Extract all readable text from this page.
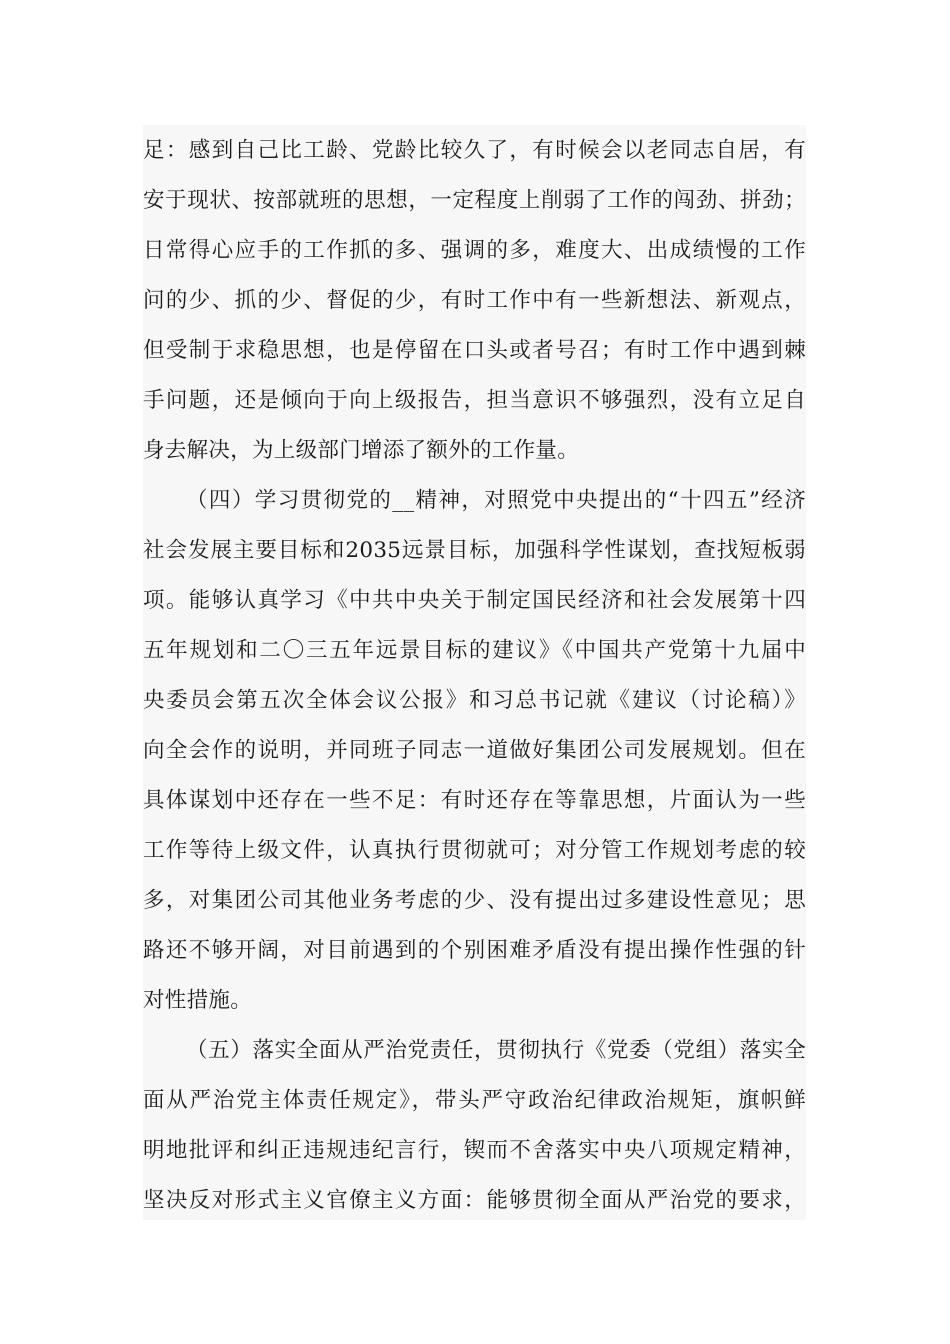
足：感到自己比工龄、党龄比较久了，有时候会以老同志自居，有
安于现状、按部就班的思想，一定程度上削弱了工作的闯劲、拼劲；
日常得心应手的工作抓的多、强调的多，难度大、出成绩慢的工作
问的少、抓的少、督促的少，有时工作中有一些新想法、新观点，
但受制于求稳思想，也是停留在口头或者号召；有时工作中遇到棘
手问题，还是倾向于向上级报告，担当意识不够强烈，没有立足自
身去解决，为上级部门增添了额外的工作量。
（四）学习贯彻党的__精神，对照党中央提出的“十四五”经济
社会发展主要目标和2035远景目标，加强科学性谋划，查找短板弱
项。能够认真学习《中共中央关于制定国民经济和社会发展第十四
五年规划和二〇三五年远景目标的建议》《中国共产党第十九届中
央委员会第五次全体会议公报》和习总书记就《建议（讨论稿）》
向全会作的说明，并同班子同志一道做好集团公司发展规划。但在
具体谋划中还存在一些不足：有时还存在等靠思想，片面认为一些
工作等待上级文件，认真执行贯彻就可；对分管工作规划考虑的较
多，对集团公司其他业务考虑的少、没有提出过多建设性意见；思
路还不够开阔，对目前遇到的个别困难矛盾没有提出操作性强的针
对性措施。
（五）落实全面从严治党责任，贯彻执行《党委（党组）落实全
面从严治党主体责任规定》，带头严守政治纪律政治规矩，旗帜鲜
明地批评和纠正违规违纪言行，锲而不舍落实中央八项规定精神，
坚决反对形式主义官僚主义方面：能够贯彻全面从严治党的要求，
